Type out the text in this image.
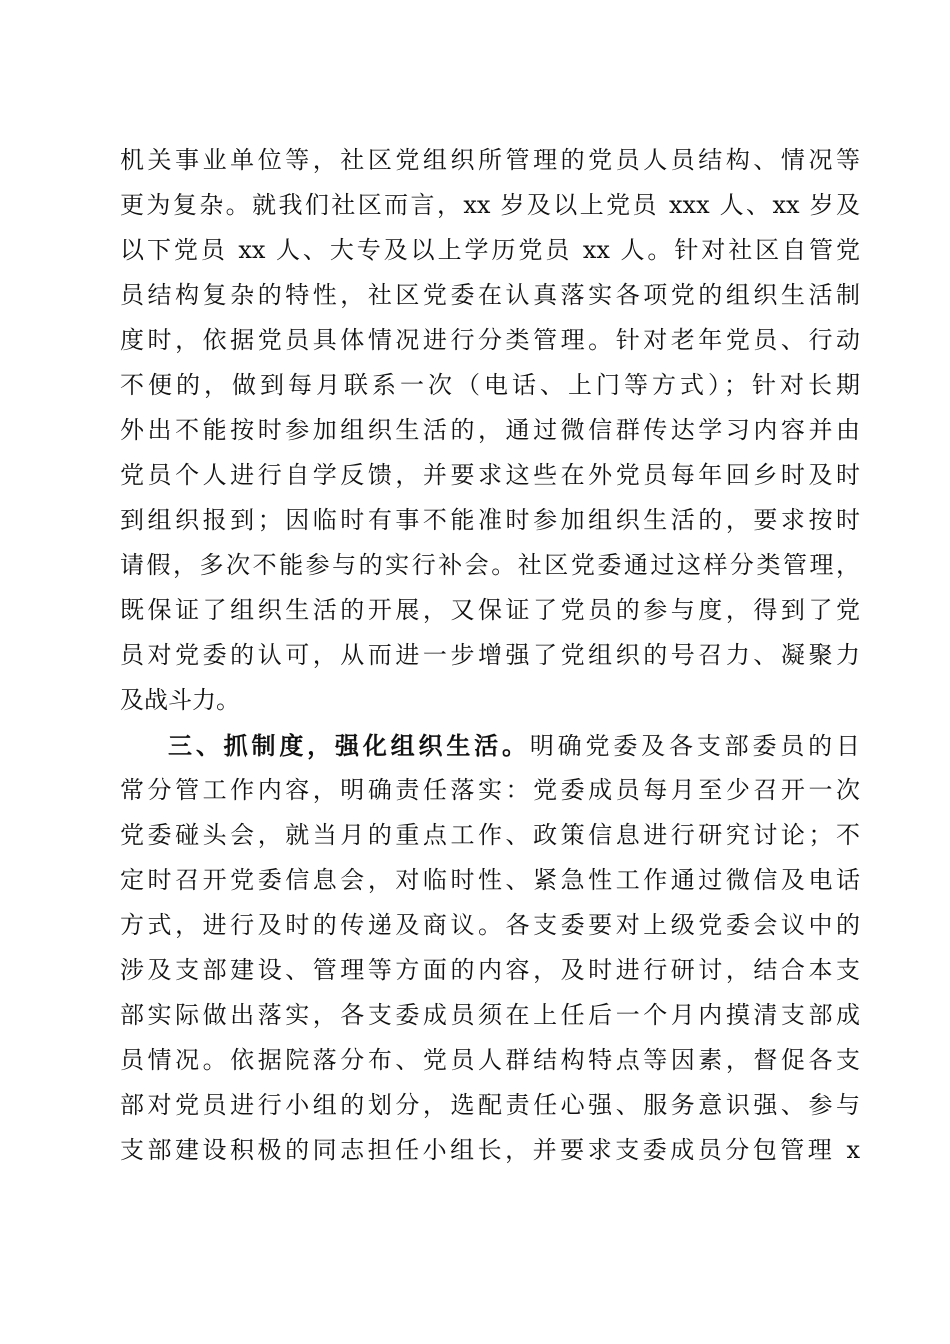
机关事业单位等，社区党组织所管理的党员人员结构、情况等
更为复杂。就我们社区而言，xx 岁及以上党员 xxx 人、xx 岁及
以下党员 xx 人、大专及以上学历党员 xx 人。针对社区自管党
员结构复杂的特性，社区党委在认真落实各项党的组织生活制
度时，依据党员具体情况进行分类管理。针对老年党员、行动
不便的，做到每月联系一次（电话、上门等方式）；针对长期
外出不能按时参加组织生活的，通过微信群传达学习内容并由
党员个人进行自学反馈，并要求这些在外党员每年回乡时及时
到组织报到；因临时有事不能准时参加组织生活的，要求按时
请假，多次不能参与的实行补会。社区党委通过这样分类管理，
既保证了组织生活的开展，又保证了党员的参与度，得到了党
员对党委的认可，从而进一步增强了党组织的号召力、凝聚力
及战斗力。
三、抓制度，强化组织生活。明确党委及各支部委员的日
常分管工作内容，明确责任落实：党委成员每月至少召开一次
党委碰头会，就当月的重点工作、政策信息进行研究讨论；不
定时召开党委信息会，对临时性、紧急性工作通过微信及电话
方式，进行及时的传递及商议。各支委要对上级党委会议中的
涉及支部建设、管理等方面的内容，及时进行研讨，结合本支
部实际做出落实，各支委成员须在上任后一个月内摸清支部成
员情况。依据院落分布、党员人群结构特点等因素，督促各支
部对党员进行小组的划分，选配责任心强、服务意识强、参与
支部建设积极的同志担任小组长，并要求支委成员分包管理 x
